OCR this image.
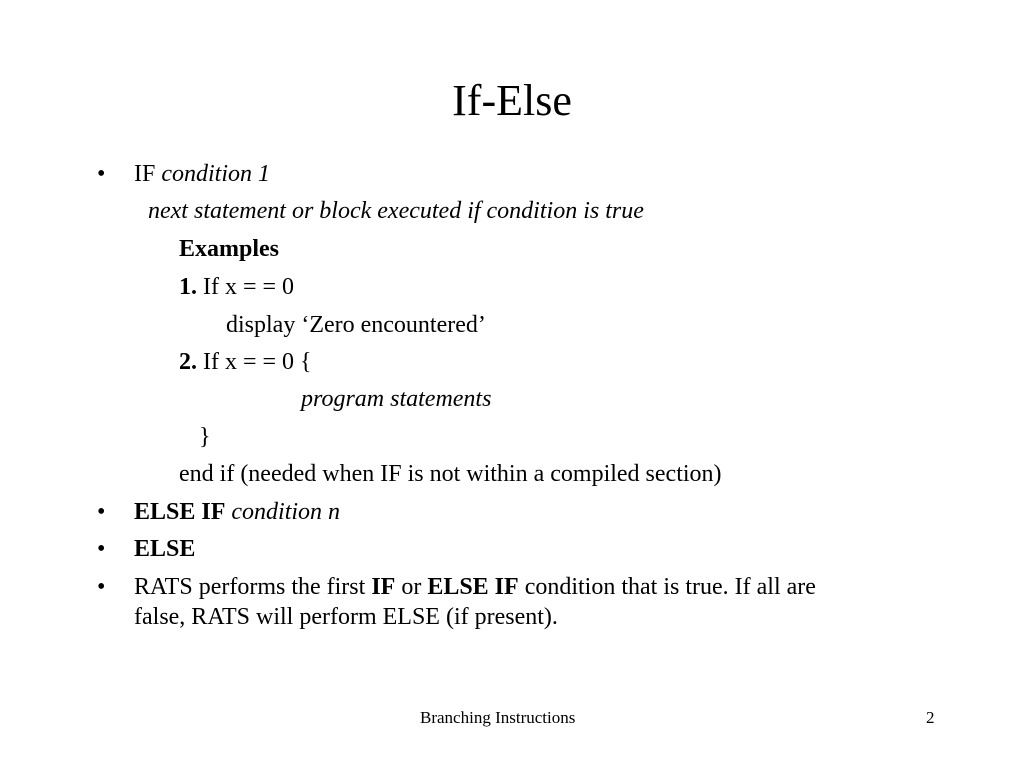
If-Else
• IF condition 1
next statement or block executed if condition is true
Examples
1. If x = = 0
display ‘Zero encountered’
2. If x = = 0 {
program statements
}
end if (needed when IF is not within a compiled section)
• ELSE IF condition n
• ELSE
• RATS performs the first IF or ELSE IF condition that is true. If all are
false, RATS will perform ELSE (if present).
Branching Instructions	2
